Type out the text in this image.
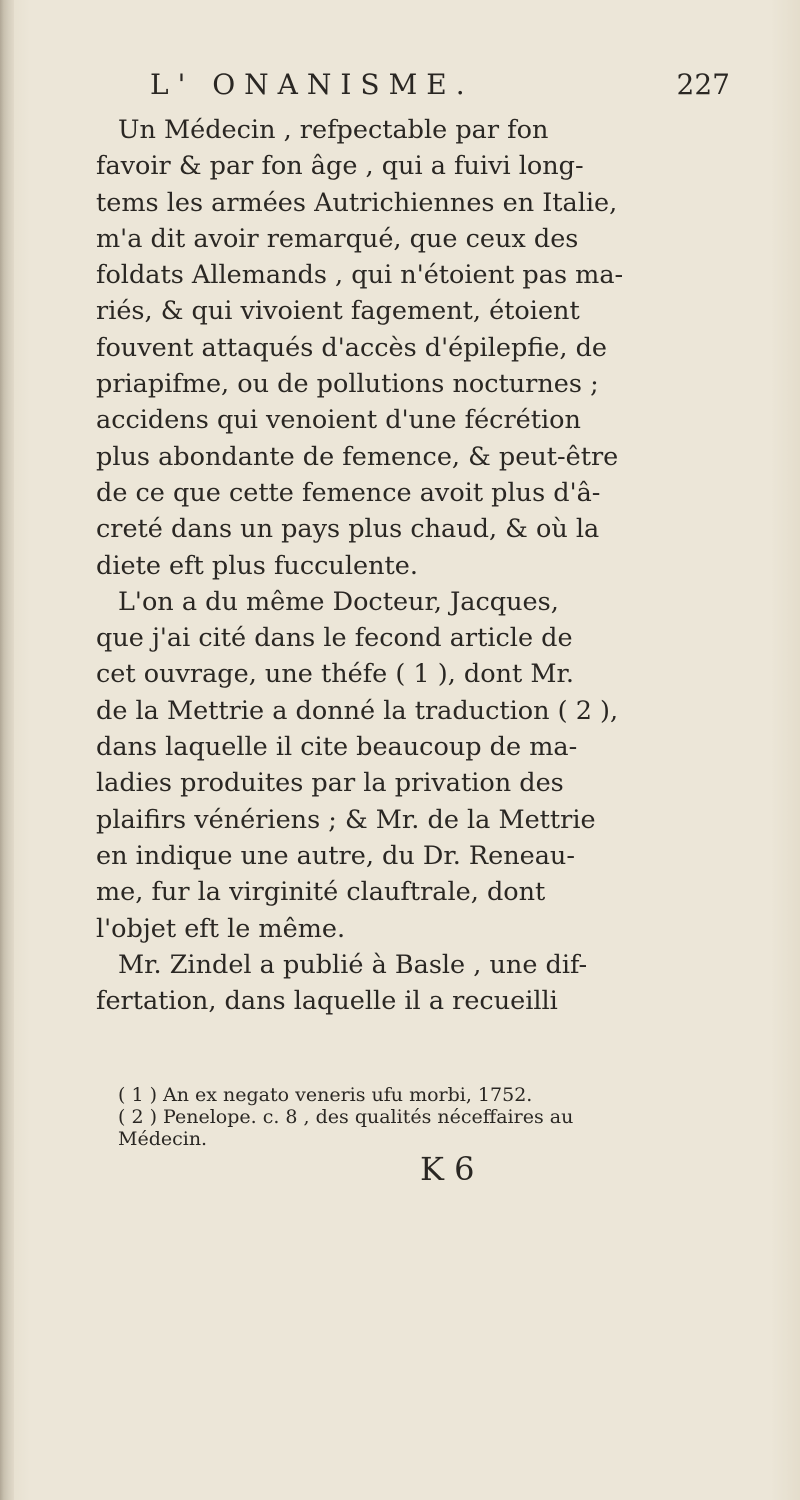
L' ONANISME.	227
Un Médecin , refpectable par fon
favoir & par fon âge , qui a fuivi long-
tems les armées Autrichiennes en Italie,
m'a dit avoir remarqué, que ceux des
foldats Allemands , qui n'étoient pas ma-
riés, & qui vivoient fagement, étoient
fouvent attaqués d'accès d'épilepfie, de
priapifme, ou de pollutions nocturnes ;
accidens qui venoient d'une fécrétion
plus abondante de femence, & peut-être
de ce que cette femence avoit plus d'â-
creté dans un pays plus chaud, & où la
diete eft plus fucculente.
L'on a du même Docteur, Jacques,
que j'ai cité dans le fecond article de
cet ouvrage, une théfe ( 1 ), dont Mr.
de la Mettrie a donné la traduction ( 2 ),
dans laquelle il cite beaucoup de ma-
ladies produites par la privation des
plaifirs vénériens ; & Mr. de la Mettrie
en indique une autre, du Dr. Reneau-
me, fur la virginité clauftrale, dont
l'objet eft le même.
Mr. Zindel a publié à Basle , une dif-
fertation, dans laquelle il a recueilli
( 1 ) An ex negato veneris ufu morbi, 1752.
( 2 ) Penelope. c. 8 , des qualités néceffaires au
Médecin.
K 6
